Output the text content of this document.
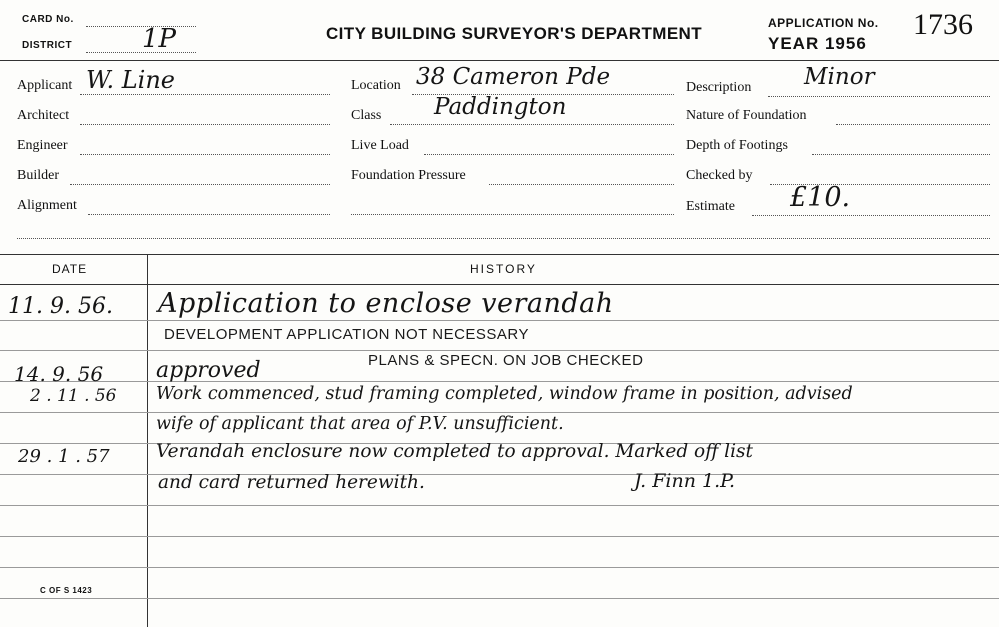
CARD No.
DISTRICT	1P	CITY BUILDING SURVEYOR'S DEPARTMENT
APPLICATION No. 1736
YEAR 1956
Applicant W. Line
Architect
Engineer
Builder
Alignment
Location 38 Cameron Pde
Class Paddington
Live Load
Foundation Pressure
Description Minor
Nature of Foundation
Depth of Footings
Checked by
Estimate £10.
DATE	HISTORY
11. 9. 56. Application to enclose verandah
DEVELOPMENT APPLICATION NOT NECESSARY
14. 9. 56 approved	PLANS & SPECN. ON JOB CHECKED
2 . 11 . 56 Work commenced, stud framing completed, window frame in position, advised
wife of applicant that area of P.V. unsufficient.
29 . 1 . 57	Verandah enclosure now completed to approval. Marked off list
and card returned herewith.	J. Finn 1.P.
C OF S 1423
